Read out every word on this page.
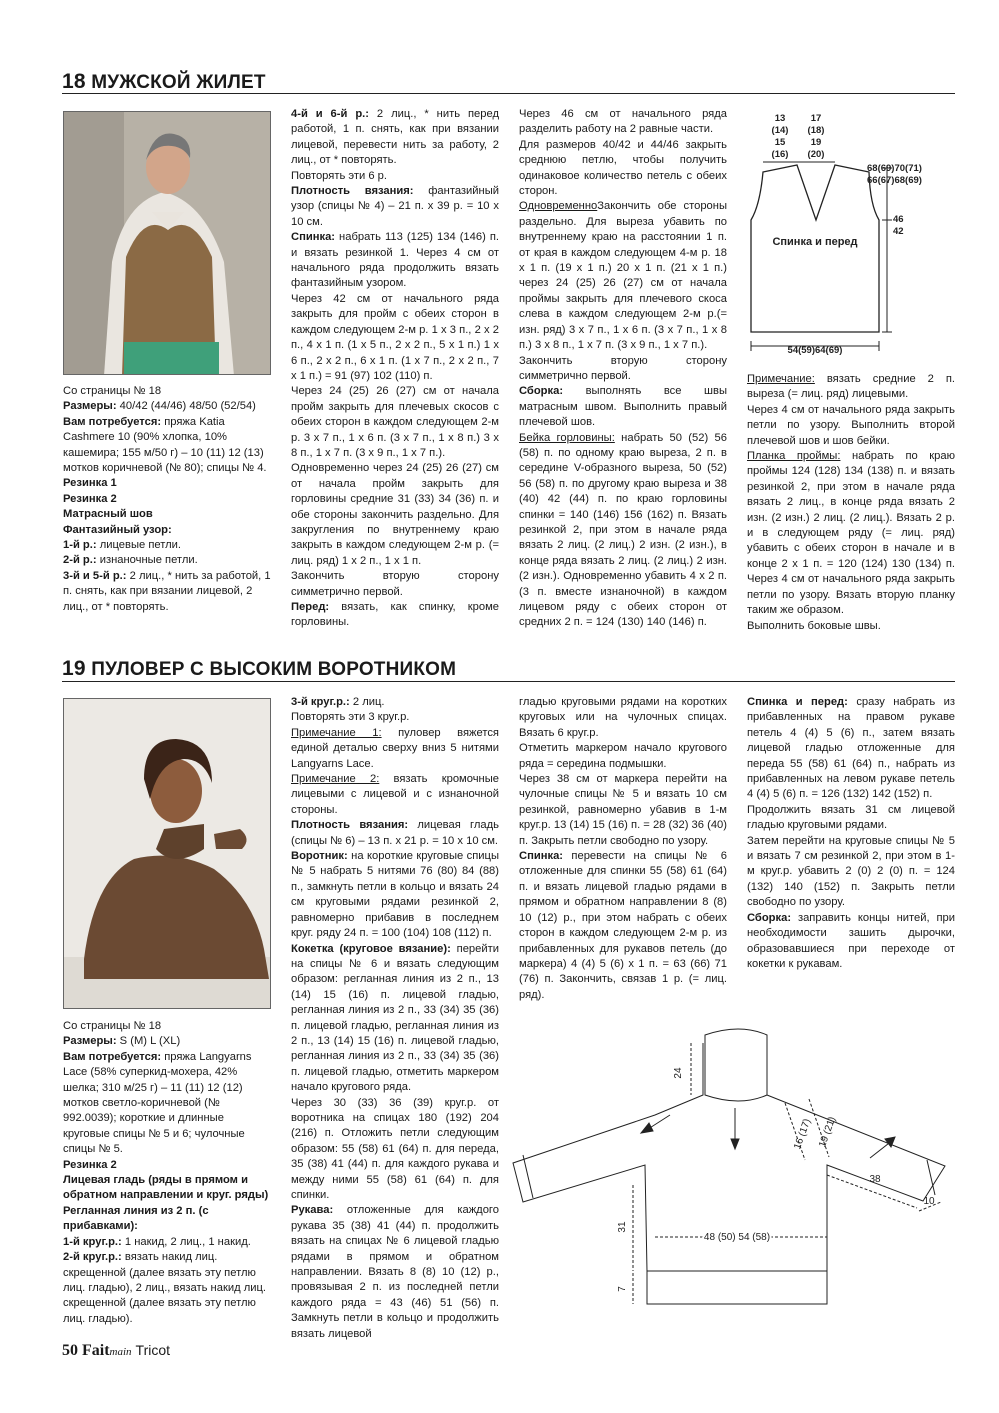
18 МУЖСКОЙ ЖИЛЕТ

Со страницы № 18

Размеры: 40/42 (44/46) 48/50 (52/54)

Вам потребуется: пряжа Katia Cashmere 10 (90% хлопка, 10% кашемира; 155 м/50 г) – 10 (11) 12 (13) мотков коричневой (№ 80); спицы № 4.

Резинка 1

Резинка 2

Матрасный шов

Фантазийный узор:

1-й р.: лицевые петли.

2-й р.: изнаночные петли.

3-й и 5-й р.: 2 лиц., * нить за работой, 1 п. снять, как при вязании лицевой, 2 лиц., от * повторять.

4-й и 6-й р.: 2 лиц., * нить перед работой, 1 п. снять, как при вязании лицевой, перевести нить за работу, 2 лиц., от * повторять.

Повторять эти 6 р.

Плотность вязания: фантазийный узор (спицы № 4) – 21 п. х 39 р. = 10 х 10 см.

Спинка: набрать 113 (125) 134 (146) п. и вязать резинкой 1. Через 4 см от начального ряда продолжить вязать фантазийным узором.

Через 42 см от начального ряда закрыть для пройм с обеих сторон в каждом следующем 2-м р. 1 х 3 п., 2 х 2 п., 4 х 1 п. (1 х 5 п., 2 х 2 п., 5 х 1 п.) 1 х 6 п., 2 х 2 п., 6 х 1 п. (1 х 7 п., 2 х 2 п., 7 х 1 п.) = 91 (97) 102 (110) п.

Через 24 (25) 26 (27) см от начала пройм закрыть для плечевых скосов с обеих сторон в каждом следующем 2-м р. 3 х 7 п., 1 х 6 п. (3 х 7 п., 1 х 8 п.) 3 х 8 п., 1 х 7 п. (3 х 9 п., 1 х 7 п.).

Одновременно через 24 (25) 26 (27) см от начала пройм закрыть для горловины средние 31 (33) 34 (36) п. и обе стороны закончить раздельно. Для закругления по внутреннему краю закрыть в каждом следующем 2-м р. (= лиц. ряд) 1 х 2 п., 1 х 1 п.

Закончить вторую сторону симметрично первой.

Перед: вязать, как спинку, кроме горловины.

Через 46 см от начального ряда разделить работу на 2 равные части.

Для размеров 40/42 и 44/46 закрыть среднюю петлю, чтобы получить одинаковое количество петель с обеих сторон.

ОдновременноЗакончить обе стороны раздельно. Для выреза убавить по внутреннему краю на расстоянии 1 п. от края в каждом следующем 4-м р. 18 х 1 п. (19 х 1 п.) 20 х 1 п. (21 х 1 п.) через 24 (25) 26 (27) см от начала проймы закрыть для плечевого скоса слева в каждом следующем 2-м р.(= изн. ряд) 3 х 7 п., 1 х 6 п. (3 х 7 п., 1 х 8 п.) 3 х 8 п., 1 х 7 п. (3 х 9 п., 1 х 7 п.).

Закончить вторую сторону симметрично первой.

Сборка: выполнять все швы матрасным швом. Выполнить правый плечевой шов.

Бейка горловины: набрать 50 (52) 56 (58) п. по одному краю выреза, 2 п. в середине V-образного выреза, 50 (52) 56 (58) п. по другому краю выреза и 38 (40) 42 (44) п. по краю горловины спинки = 140 (146) 156 (162) п. Вязать резинкой 2, при этом в начале ряда вязать 2 лиц. (2 лиц.) 2 изн. (2 изн.), в конце ряда вязать 2 лиц. (2 лиц.) 2 изн. (2 изн.). Одновременно убавить 4 х 2 п. (3 п. вместе изнаночной) в каждом лицевом ряду с обеих сторон от средних 2 п. = 124 (130) 140 (146) п.

Примечание: вязать средние 2 п. выреза (= лиц. ряд) лицевыми.

Через 4 см от начального ряда закрыть петли по узору. Выполнить второй плечевой шов и шов бейки.

Планка проймы: набрать по краю проймы 124 (128) 134 (138) п. и вязать резинкой 2, при этом в начале ряда вязать 2 лиц., в конце ряда вязать 2 изн. (2 изн.) 2 лиц. (2 лиц.). Вязать 2 р. и в следующем ряду (= лиц. ряд) убавить с обеих сторон в начале и в конце 2 х 1 п. = 120 (124) 130 (134) п. Через 4 см от начального ряда закрыть петли по узору. Вязать вторую планку таким же образом.

Выполнить боковые швы.

13
(14)
15
(16)
17
(18)
19
(20)
68(69)70(71)
66(67)68(69)
46
42
Спинка и перед
54(59)64(69)
19 ПУЛОВЕР С ВЫСОКИМ ВОРОТНИКОМ

Со страницы № 18

Размеры: S (M) L (XL)

Вам потребуется: пряжа Langyarns Lace (58% суперкид-мохера, 42% шелка; 310 м/25 г) – 11 (11) 12 (12) мотков светло-коричневой (№ 992.0039); короткие и длинные круговые спицы № 5 и 6; чулочные спицы № 5.

Резинка 2

Лицевая гладь (ряды в прямом и обратном направлении и круг. ряды)

Регланная линия из 2 п. (с прибавками):

1-й круг.р.: 1 накид, 2 лиц., 1 накид.

2-й круг.р.: вязать накид лиц. скрещенной (далее вязать эту петлю лиц. гладью), 2 лиц., вязать накид лиц. скрещенной (далее вязать эту петлю лиц. гладью).

3-й круг.р.: 2 лиц.

Повторять эти 3 круг.р.

Примечание 1: пуловер вяжется единой деталью сверху вниз 5 нитями Langyarns Lace.

Примечание 2: вязать кромочные лицевыми с лицевой и с изнаночной стороны.

Плотность вязания: лицевая гладь (спицы № 6) – 13 п. х 21 р. = 10 х 10 см.

Воротник: на короткие круговые спицы № 5 набрать 5 нитями 76 (80) 84 (88) п., замкнуть петли в кольцо и вязать 24 см круговыми рядами резинкой 2, равномерно прибавив в последнем круг. ряду 24 п. = 100 (104) 108 (112) п.

Кокетка (круговое вязание): перейти на спицы № 6 и вязать следующим образом: регланная линия из 2 п., 13 (14) 15 (16) п. лицевой гладью, регланная линия из 2 п., 33 (34) 35 (36) п. лицевой гладью, регланная линия из 2 п., 13 (14) 15 (16) п. лицевой гладью, регланная линия из 2 п., 33 (34) 35 (36) п. лицевой гладью, отметить маркером начало кругового ряда.

Через 30 (33) 36 (39) круг.р. от воротника на спицах 180 (192) 204 (216) п. Отложить петли следующим образом: 55 (58) 61 (64) п. для переда, 35 (38) 41 (44) п. для каждого рукава и между ними 55 (58) 61 (64) п. для спинки.

Рукава: отложенные для каждого рукава 35 (38) 41 (44) п. продолжить вязать на спицах № 6 лицевой гладью рядами в прямом и обратном направлении. Вязать 8 (8) 10 (12) р., провязывая 2 п. из последней петли каждого ряда = 43 (46) 51 (56) п. Замкнуть петли в кольцо и продолжить вязать лицевой

гладью круговыми рядами на коротких круговых или на чулочных спицах. Вязать 6 круг.р.

Отметить маркером начало кругового ряда = середина подмышки.

Через 38 см от маркера перейти на чулочные спицы № 5 и вязать 10 см резинкой, равномерно убавив в 1-м круг.р. 13 (14) 15 (16) п. = 28 (32) 36 (40) п. Закрыть петли свободно по узору.

Спинка: перевести на спицы № 6 отложенные для спинки 55 (58) 61 (64) п. и вязать лицевой гладью рядами в прямом и обратном направлении 8 (8) 10 (12) р., при этом набрать с обеих сторон в каждом следующем 2-м р. из прибавленных для рукавов петель (до маркера) 4 (4) 5 (6) х 1 п. = 63 (66) 71 (76) п. Закончить, связав 1 р. (= лиц. ряд).

Спинка и перед: сразу набрать из прибавленных на правом рукаве петель 4 (4) 5 (6) п., затем вязать лицевой гладью отложенные для переда 55 (58) 61 (64) п., набрать из прибавленных на левом рукаве петель 4 (4) 5 (6) п. = 126 (132) 142 (152) п.

Продолжить вязать 31 см лицевой гладью круговыми рядами.

Затем перейти на круговые спицы № 5 и вязать 7 см резинкой 2, при этом в 1-м круг.р. убавить 2 (0) 2 (0) п. = 124 (132) 140 (152) п. Закрыть петли свободно по узору.

Сборка: заправить концы нитей, при необходимости зашить дырочки, образовавшиеся при переходе от кокетки к рукавам.

24
16 (17) 19 (21)
38
10
31
7
48 (50) 54 (58)
50 Faitmain Tricot
